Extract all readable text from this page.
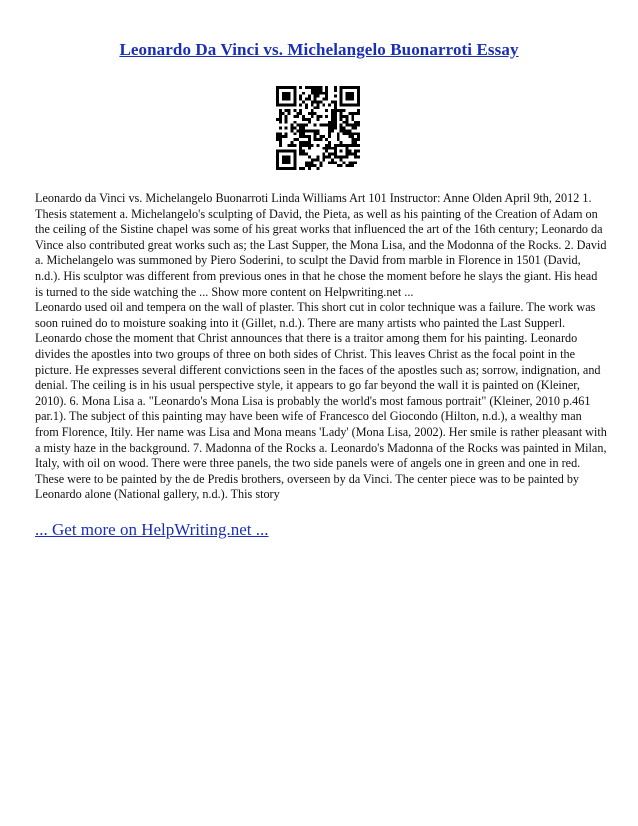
Leonardo Da Vinci vs. Michelangelo Buonarroti Essay

Leonardo da Vinci vs. Michelangelo Buonarroti Linda Williams Art 101 Instructor: Anne Olden April 9th, 2012 1. Thesis statement a. Michelangelo's sculpting of David, the Pieta, as well as his painting of the Creation of Adam on the ceiling of the Sistine chapel was some of his great works that influenced the art of the 16th century; Leonardo da Vince also contributed great works such as; the Last Supper, the Mona Lisa, and the Modonna of the Rocks. 2. David a. Michelangelo was summoned by Piero Soderini, to sculpt the David from marble in Florence in 1501 (David, n.d.). His sculptor was different from previous ones in that he chose the moment before he slays the giant. His head is turned to the side watching the ... Show more content on Helpwriting.net ...

Leonardo used oil and tempera on the wall of plaster. This short cut in color technique was a failure. The work was soon ruined do to moisture soaking into it (Gillet, n.d.). There are many artists who painted the Last Supperl. Leonardo chose the moment that Christ announces that there is a traitor among them for his painting. Leonardo divides the apostles into two groups of three on both sides of Christ. This leaves Christ as the focal point in the picture. He expresses several different convictions seen in the faces of the apostles such as; sorrow, indignation, and denial. The ceiling is in his usual perspective style, it appears to go far beyond the wall it is painted on (Kleiner, 2010). 6. Mona Lisa a. "Leonardo's Mona Lisa is probably the world's most famous portrait" (Kleiner, 2010 p.461 par.1). The subject of this painting may have been wife of Francesco del Giocondo (Hilton, n.d.), a wealthy man from Florence, Itily. Her name was Lisa and Mona means 'Lady' (Mona Lisa, 2002). Her smile is rather pleasant with a misty haze in the background. 7. Madonna of the Rocks a. Leonardo's Madonna of the Rocks was painted in Milan, Italy, with oil on wood. There were three panels, the two side panels were of angels one in green and one in red. These were to be painted by the de Predis brothers, overseen by da Vinci. The center piece was to be painted by Leonardo alone (National gallery, n.d.). This story

... Get more on HelpWriting.net ...
